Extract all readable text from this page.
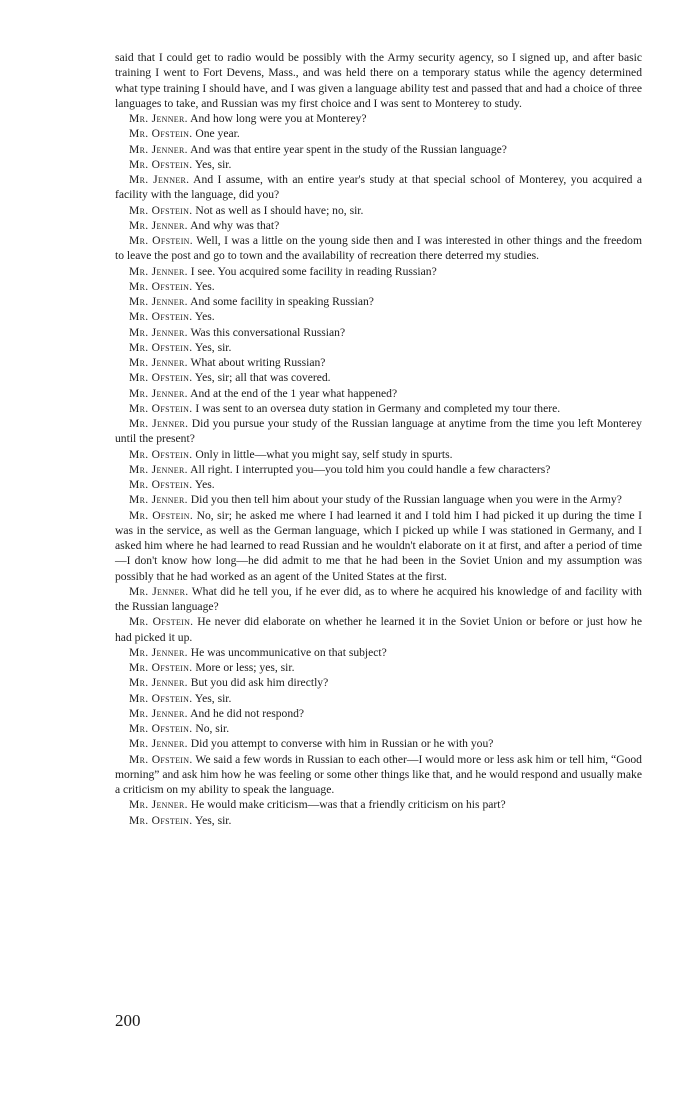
said that I could get to radio would be possibly with the Army security agency, so I signed up, and after basic training I went to Fort Devens, Mass., and was held there on a temporary status while the agency determined what type training I should have, and I was given a language ability test and passed that and had a choice of three languages to take, and Russian was my first choice and I was sent to Monterey to study.

Mr. Jenner. And how long were you at Monterey?

Mr. Ofstein. One year.

Mr. Jenner. And was that entire year spent in the study of the Russian language?

Mr. Ofstein. Yes, sir.

Mr. Jenner. And I assume, with an entire year's study at that special school of Monterey, you acquired a facility with the language, did you?

Mr. Ofstein. Not as well as I should have; no, sir.

Mr. Jenner. And why was that?

Mr. Ofstein. Well, I was a little on the young side then and I was interested in other things and the freedom to leave the post and go to town and the availability of recreation there deterred my studies.

Mr. Jenner. I see. You acquired some facility in reading Russian?

Mr. Ofstein. Yes.

Mr. Jenner. And some facility in speaking Russian?

Mr. Ofstein. Yes.

Mr. Jenner. Was this conversational Russian?

Mr. Ofstein. Yes, sir.

Mr. Jenner. What about writing Russian?

Mr. Ofstein. Yes, sir; all that was covered.

Mr. Jenner. And at the end of the 1 year what happened?

Mr. Ofstein. I was sent to an oversea duty station in Germany and completed my tour there.

Mr. Jenner. Did you pursue your study of the Russian language at anytime from the time you left Monterey until the present?

Mr. Ofstein. Only in little—what you might say, self study in spurts.

Mr. Jenner. All right. I interrupted you—you told him you could handle a few characters?

Mr. Ofstein. Yes.

Mr. Jenner. Did you then tell him about your study of the Russian language when you were in the Army?

Mr. Ofstein. No, sir; he asked me where I had learned it and I told him I had picked it up during the time I was in the service, as well as the German language, which I picked up while I was stationed in Germany, and I asked him where he had learned to read Russian and he wouldn't elaborate on it at first, and after a period of time—I don't know how long—he did admit to me that he had been in the Soviet Union and my assumption was possibly that he had worked as an agent of the United States at the first.

Mr. Jenner. What did he tell you, if he ever did, as to where he acquired his knowledge of and facility with the Russian language?

Mr. Ofstein. He never did elaborate on whether he learned it in the Soviet Union or before or just how he had picked it up.

Mr. Jenner. He was uncommunicative on that subject?

Mr. Ofstein. More or less; yes, sir.

Mr. Jenner. But you did ask him directly?

Mr. Ofstein. Yes, sir.

Mr. Jenner. And he did not respond?

Mr. Ofstein. No, sir.

Mr. Jenner. Did you attempt to converse with him in Russian or he with you?

Mr. Ofstein. We said a few words in Russian to each other—I would more or less ask him or tell him, “Good morning” and ask him how he was feeling or some other things like that, and he would respond and usually make a criticism on my ability to speak the language.

Mr. Jenner. He would make criticism—was that a friendly criticism on his part?

Mr. Ofstein. Yes, sir.

200
